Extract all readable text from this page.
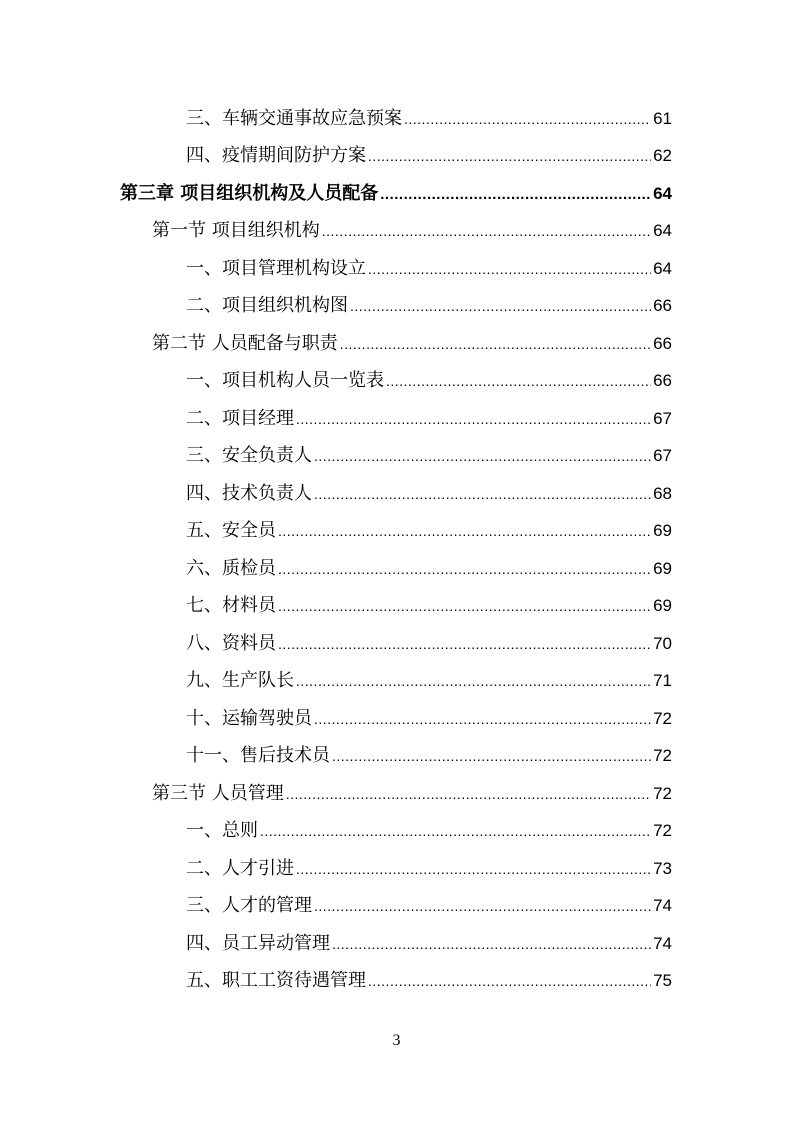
三、车辆交通事故应急预案 .....	61
四、疫情期间防护方案 .....	62
第三章 项目组织机构及人员配备 .....	64
第一节 项目组织机构 .....	64
一、项目管理机构设立 .....	64
二、项目组织机构图 .....	66
第二节 人员配备与职责 .....	66
一、项目机构人员一览表 .....	66
二、项目经理 .....	67
三、安全负责人 .....	67
四、技术负责人 .....	68
五、安全员 .....	69
六、质检员 .....	69
七、材料员 .....	69
八、资料员 .....	70
九、生产队长 .....	71
十、运输驾驶员 .....	72
十一、售后技术员 .....	72
第三节 人员管理 .....	72
一、总则 .....	72
二、人才引进 .....	73
三、人才的管理 .....	74
四、员工异动管理 .....	74
五、职工工资待遇管理 .....	75
3
